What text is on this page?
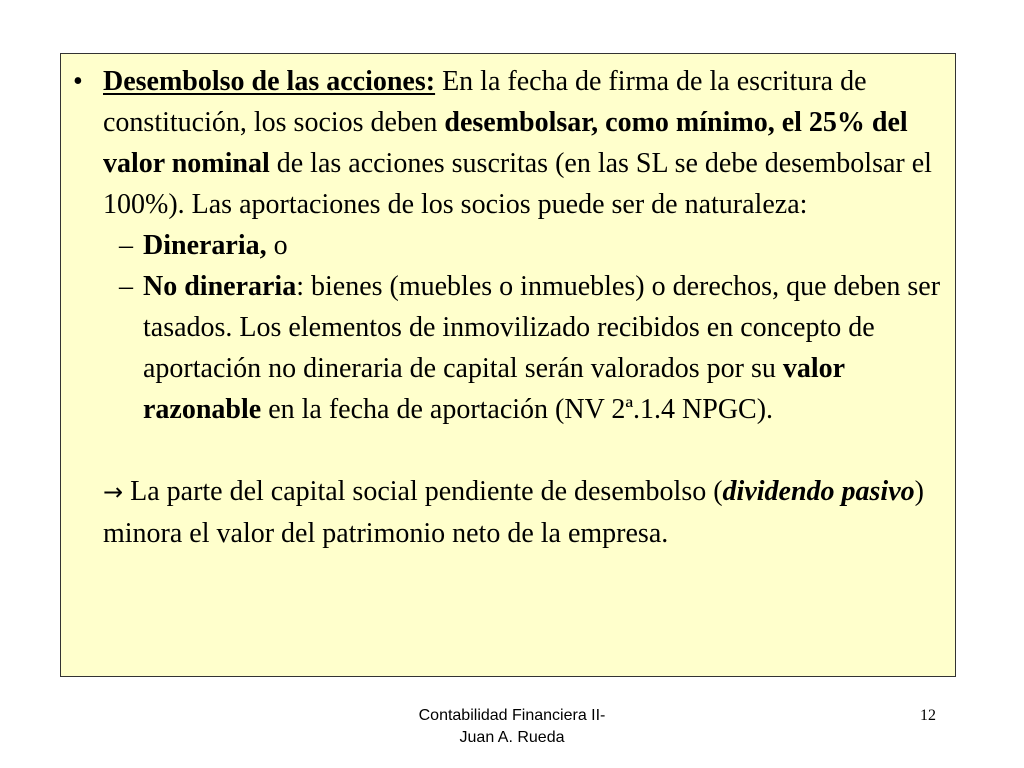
• Desembolso de las acciones: En la fecha de firma de la escritura de constitución, los socios deben desembolsar, como mínimo, el 25% del valor nominal de las acciones suscritas (en las SL se debe desembolsar el 100%). Las aportaciones de los socios puede ser de naturaleza:

– Dineraria, o

– No dineraria: bienes (muebles o inmuebles) o derechos, que deben ser tasados. Los elementos de inmovilizado recibidos en concepto de aportación no dineraria de capital serán valorados por su valor razonable en la fecha de aportación (NV 2ª.1.4 NPGC).

→ La parte del capital social pendiente de desembolso (dividendo pasivo) minora el valor del patrimonio neto de la empresa.

Contabilidad Financiera II-
Juan A. Rueda
12
